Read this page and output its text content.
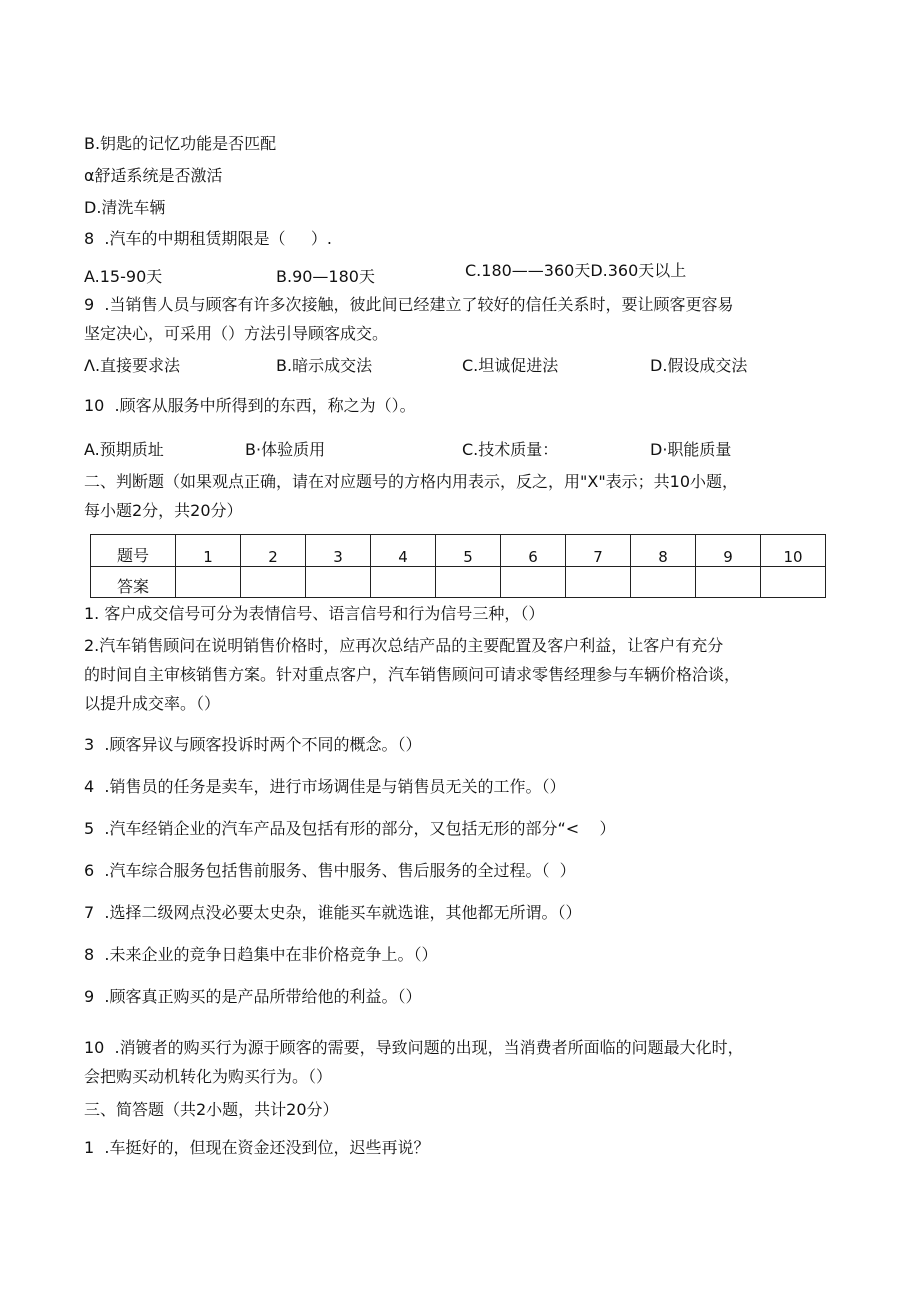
B.钥匙的记忆功能是否匹配
α舒适系统是否激活
D.清洗车辆
8  .汽车的中期租赁期限是（     ）.
A.15-90天	B.90—180天	C.180——360天D.360天以上
9  .当销售人员与顾客有许多次接触，彼此间已经建立了较好的信任关系时，要让顾客更容易
坚定决心，可采用（）方法引导顾客成交。
Λ.直接要求法	B.暗示成交法	C.坦诚促进法	D.假设成交法
10  .顾客从服务中所得到的东西，称之为（）。
A.预期质址	B·体验质用	C.技术质量：	D·职能质量
二、判断题（如果观点正确，请在对应题号的方格内用表示，反之，用"X"表示；共10小题，
每小题2分，共20分）
题号	1	2	3	4	5	6	7	8	9	10
答案										
1. 客户成交信号可分为表情信号、语言信号和行为信号三种，（）
2.汽车销售顾问在说明销售价格时，应再次总结产品的主要配置及客户利益，让客户有充分
的时间自主审核销售方案。针对重点客户，汽车销售顾问可请求零售经理参与车辆价格洽谈，
以提升成交率。（）
3  .顾客异议与顾客投诉时两个不同的概念。（）
4  .销售员的任务是卖车，进行市场调佳是与销售员无关的工作。（）
5  .汽车经销企业的汽车产品及包括有形的部分，又包括无形的部分“<    ）
6  .汽车综合服务包括售前服务、售中服务、售后服务的全过程。（  ）
7  .选择二级网点没必要太史杂，谁能买车就选谁，其他都无所谓。（）
8  .未来企业的竞争日趋集中在非价格竞争上。（）
9  .顾客真正购买的是产品所带给他的利益。（）
10  .消镀者的购买行为源于顾客的需要，导致问题的出现，当消费者所面临的问题最大化时，
会把购买动机转化为购买行为。（）
三、简答题（共2小题，共计20分）
1  .车挺好的，但现在资金还没到位，迟些再说？
